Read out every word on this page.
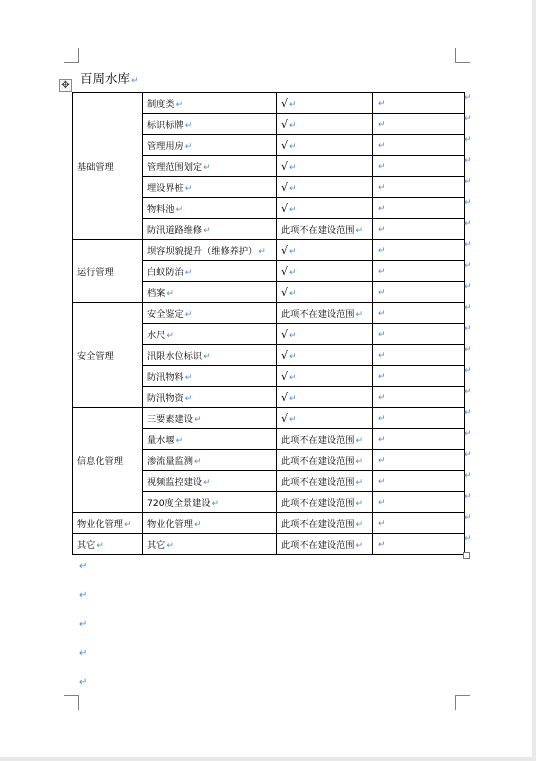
✥ 百周水库↵
基础管理	制度类↵	√↵	↵
	标识标牌↵	√↵	↵
	管理用房↵	√↵	↵
	管理范围划定↵	√↵	↵
	埋设界桩↵	√↵	↵
	物料池↵	√↵	↵
	防汛道路维修↵	此项不在建设范围↵	↵
运行管理	坝容坝貌提升（维修养护）↵	√↵	↵
	白蚁防治↵	√↵	↵
	档案↵	√↵	↵
安全管理	安全鉴定↵	此项不在建设范围↵	↵
	水尺↵	√↵	↵
	汛限水位标识↵	√↵	↵
	防汛物料↵	√↵	↵
	防汛物资↵	√↵	↵
信息化管理	三要素建设↵	√↵	↵
	量水堰↵	此项不在建设范围↵	↵
	渗流量监测↵	此项不在建设范围↵	↵
	视频监控建设↵	此项不在建设范围↵	↵
	720度全景建设↵	此项不在建设范围↵	↵
物业化管理↵	物业化管理↵	此项不在建设范围↵	↵
其它↵	其它↵	此项不在建设范围↵	↵
↵
↵
↵
↵
↵
↵
↵
↵
↵
↵
↵
↵
↵
↵
↵
↵
↵
↵
↵
↵
↵
↵
↵
↵
↵
↵
↵
